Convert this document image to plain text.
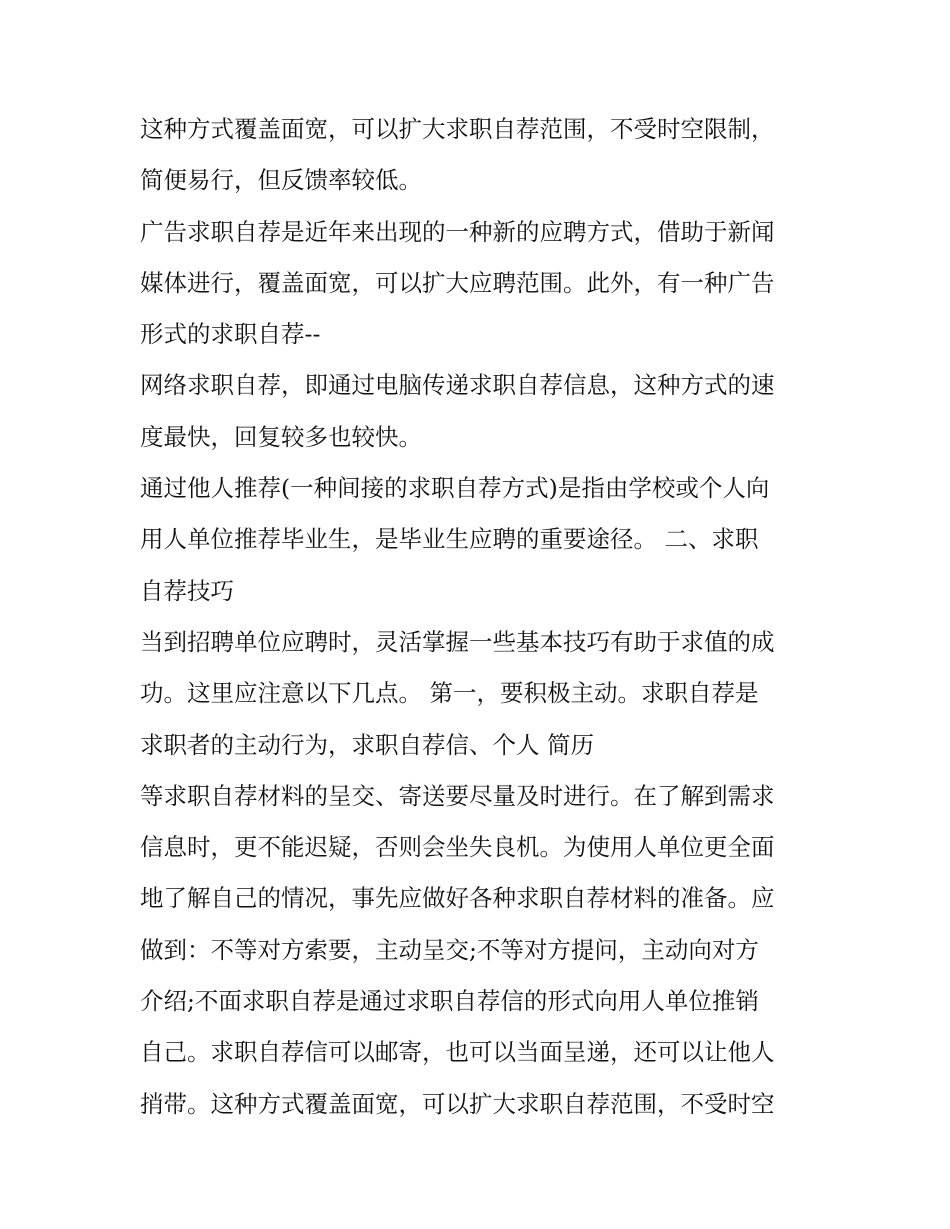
这种方式覆盖面宽，可以扩大求职自荐范围，不受时空限制，
简便易行，但反馈率较低。
广告求职自荐是近年来出现的一种新的应聘方式，借助于新闻
媒体进行，覆盖面宽，可以扩大应聘范围。此外，有一种广告
形式的求职自荐--
网络求职自荐，即通过电脑传递求职自荐信息，这种方式的速
度最快，回复较多也较快。
通过他人推荐(一种间接的求职自荐方式)是指由学校或个人向
用人单位推荐毕业生，是毕业生应聘的重要途径。 二、求职
自荐技巧
当到招聘单位应聘时，灵活掌握一些基本技巧有助于求值的成
功。这里应注意以下几点。 第一，要积极主动。求职自荐是
求职者的主动行为，求职自荐信、个人 简历
等求职自荐材料的呈交、寄送要尽量及时进行。在了解到需求
信息时，更不能迟疑，否则会坐失良机。为使用人单位更全面
地了解自己的情况，事先应做好各种求职自荐材料的准备。应
做到：不等对方索要，主动呈交;不等对方提问，主动向对方
介绍;不面求职自荐是通过求职自荐信的形式向用人单位推销
自己。求职自荐信可以邮寄，也可以当面呈递，还可以让他人
捎带。这种方式覆盖面宽，可以扩大求职自荐范围，不受时空
